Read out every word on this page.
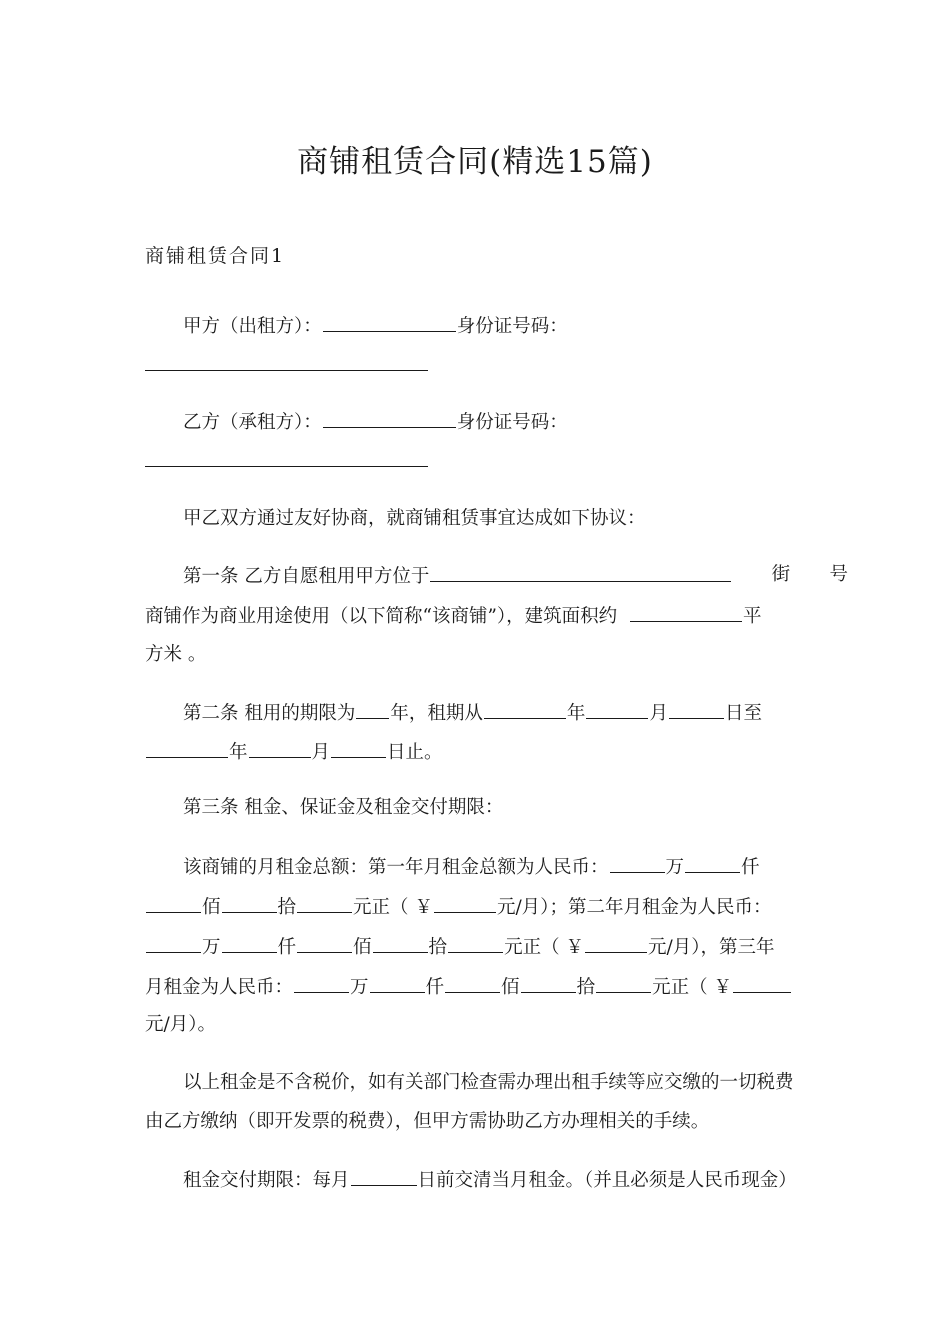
商铺租赁合同(精选15篇)
商铺租赁合同1
甲方（出租方）：	身份证号码：
乙方（承租方）：	身份证号码：
甲乙双方通过友好协商，就商铺租赁事宜达成如下协议：
第一条 乙方自愿租用甲方位于	街 号
商铺作为商业用途使用（以下简称“该商铺”），建筑面积约	平
方米 。
第二条 租用的期限为 年，租期从	年	月	日至
年	月	日止。
第三条 租金、保证金及租金交付期限：
该商铺的月租金总额：第一年月租金总额为人民币：	万	仟
佰	拾	元正（ ￥	元/月）；第二年月租金为人民币：
万	仟	佰	拾	元正（ ￥	元/月），第三年
月租金为人民币：	万	仟	佰	拾	元正（ ￥
元/月）。
以上租金是不含税价，如有关部门检查需办理出租手续等应交缴的一切税费
由乙方缴纳（即开发票的税费），但甲方需协助乙方办理相关的手续。
租金交付期限：每月	日前交清当月租金。（并且必须是人民币现金）
